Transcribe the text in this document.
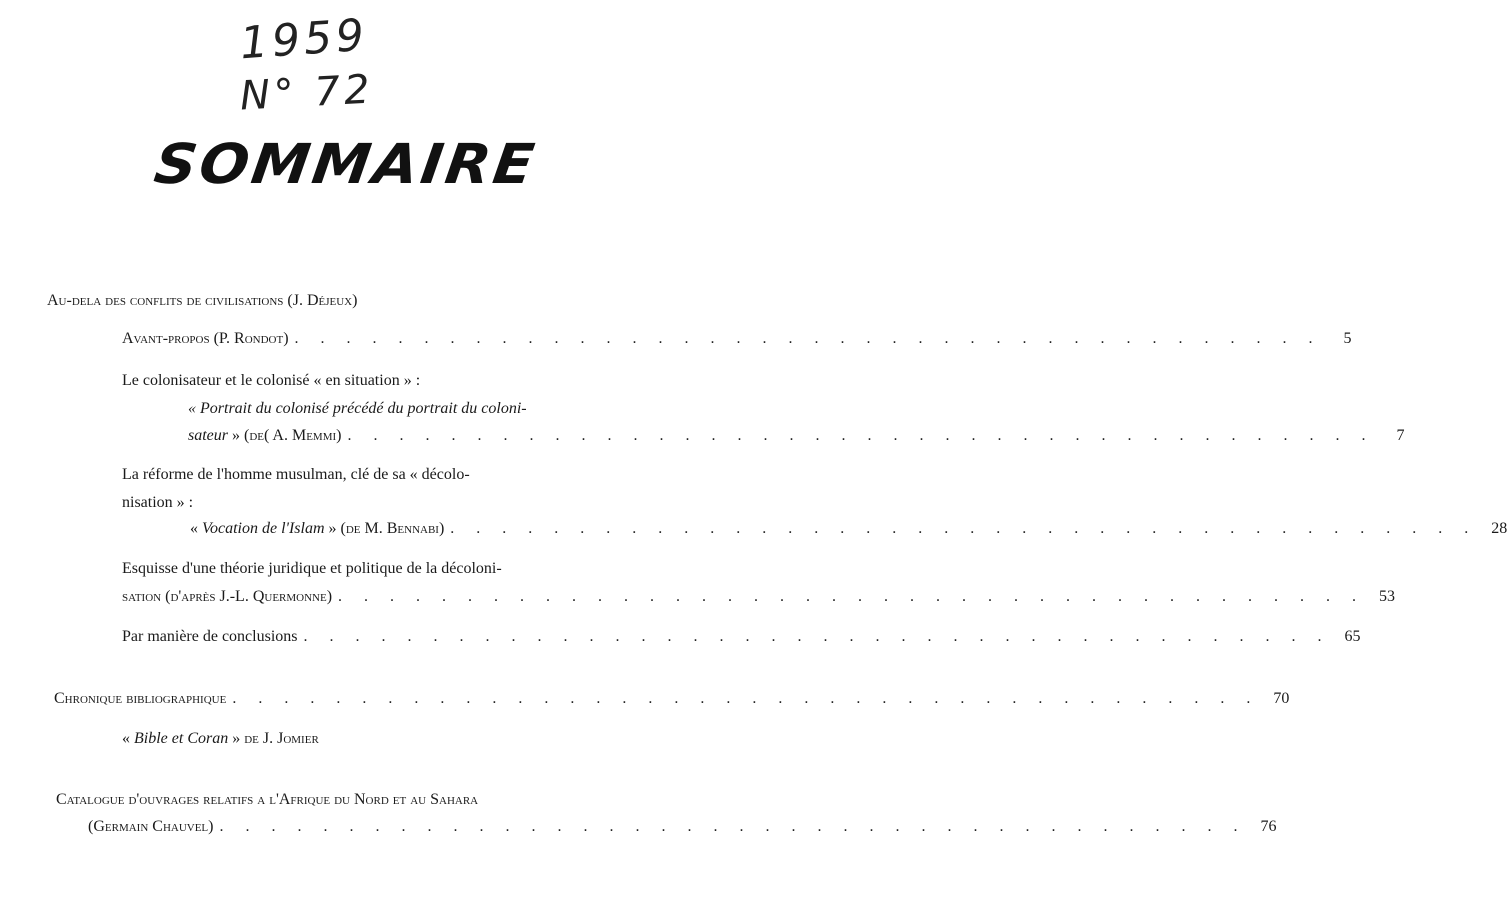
1959
N° 72
SOMMAIRE
Au-dela des conflits de civilisations (J. Déjeux)
Avant-propos (P. Rondot) . . . . . . . . . . . . . . . . . . . . . . . . . . . . . . . . . . . . . . . .	5
Le colonisateur et le colonisé « en situation » :
« Portrait du colonisé précédé du portrait du coloni-
sateur » (de( A. Memmi) . . . . . . . . . . . . . . . . . . . . . . . . . . . . . . . . . . . . . . . .	7
La réforme de l'homme musulman, clé de sa « décolo-
nisation » :
« Vocation de l'Islam » (de M. Bennabi) . . . . . . . . . . . . . . . . . . . . . . . . . . . . . . . . . . . . . . . . 28
Esquisse d'une théorie juridique et politique de la décoloni-
sation (d'après J.-L. Quermonne) . . . . . . . . . . . . . . . . . . . . . . . . . . . . . . . . . . . . . . . . 53
Par manière de conclusions . . . . . . . . . . . . . . . . . . . . . . . . . . . . . . . . . . . . . . . . 65
Chronique bibliographique . . . . . . . . . . . . . . . . . . . . . . . . . . . . . . . . . . . . . . . . 70
« Bible et Coran » de J. Jomier
Catalogue d'ouvrages relatifs a l'Afrique du Nord et au Sahara
(Germain Chauvel) . . . . . . . . . . . . . . . . . . . . . . . . . . . . . . . . . . . . . . . . 76
